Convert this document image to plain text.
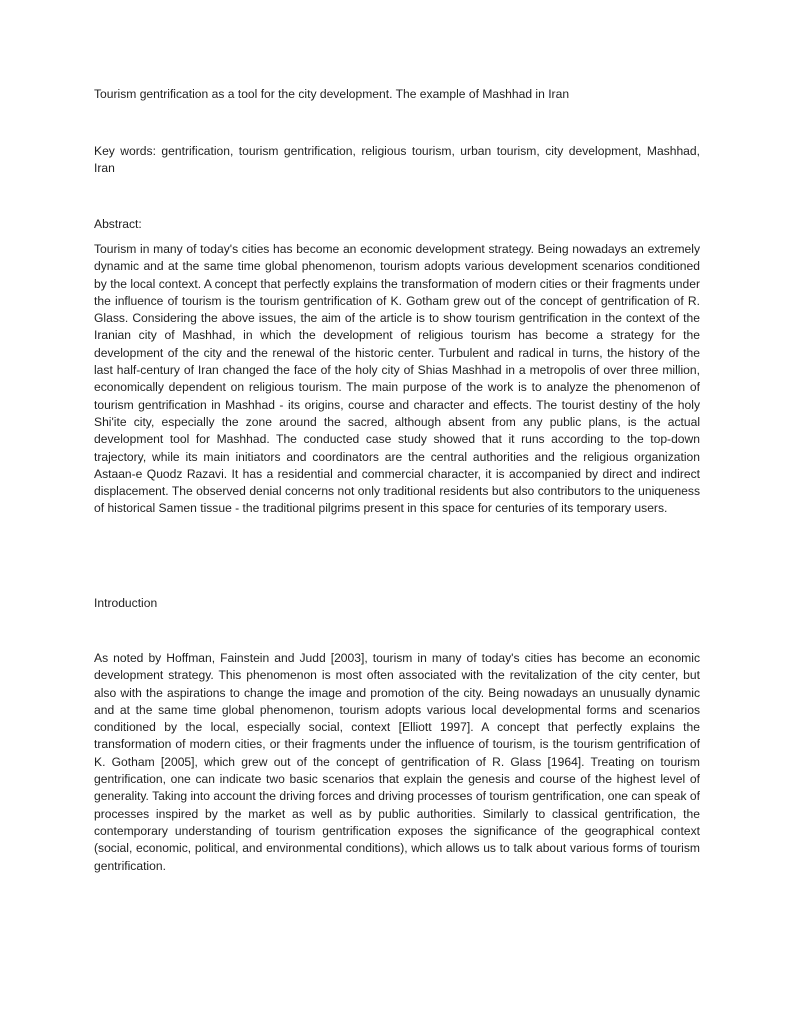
Tourism gentrification as a tool for the city development. The example of Mashhad in Iran
Key words: gentrification, tourism gentrification, religious tourism, urban tourism, city development, Mashhad, Iran
Abstract:
Tourism in many of today's cities has become an economic development strategy. Being nowadays an extremely dynamic and at the same time global phenomenon, tourism adopts various development scenarios conditioned by the local context. A concept that perfectly explains the transformation of modern cities or their fragments under the influence of tourism is the tourism gentrification of K. Gotham grew out of the concept of gentrification of R. Glass. Considering the above issues, the aim of the article is to show tourism gentrification in the context of the Iranian city of Mashhad, in which the development of religious tourism has become a strategy for the development of the city and the renewal of the historic center. Turbulent and radical in turns, the history of the last half-century of Iran changed the face of the holy city of Shias Mashhad in a metropolis of over three million, economically dependent on religious tourism. The main purpose of the work is to analyze the phenomenon of tourism gentrification in Mashhad - its origins, course and character and effects. The tourist destiny of the holy Shi'ite city, especially the zone around the sacred, although absent from any public plans, is the actual development tool for Mashhad. The conducted case study showed that it runs according to the top-down trajectory, while its main initiators and coordinators are the central authorities and the religious organization Astaan-e Quodz Razavi. It has a residential and commercial character, it is accompanied by direct and indirect displacement. The observed denial concerns not only traditional residents but also contributors to the uniqueness of historical Samen tissue - the traditional pilgrims present in this space for centuries of its temporary users.
Introduction
As noted by Hoffman, Fainstein and Judd [2003], tourism in many of today's cities has become an economic development strategy. This phenomenon is most often associated with the revitalization of the city center, but also with the aspirations to change the image and promotion of the city. Being nowadays an unusually dynamic and at the same time global phenomenon, tourism adopts various local developmental forms and scenarios conditioned by the local, especially social, context [Elliott 1997]. A concept that perfectly explains the transformation of modern cities, or their fragments under the influence of tourism, is the tourism gentrification of K. Gotham [2005], which grew out of the concept of gentrification of R. Glass [1964]. Treating on tourism gentrification, one can indicate two basic scenarios that explain the genesis and course of the highest level of generality. Taking into account the driving forces and driving processes of tourism gentrification, one can speak of processes inspired by the market as well as by public authorities. Similarly to classical gentrification, the contemporary understanding of tourism gentrification exposes the significance of the geographical context (social, economic, political, and environmental conditions), which allows us to talk about various forms of tourism gentrification.
